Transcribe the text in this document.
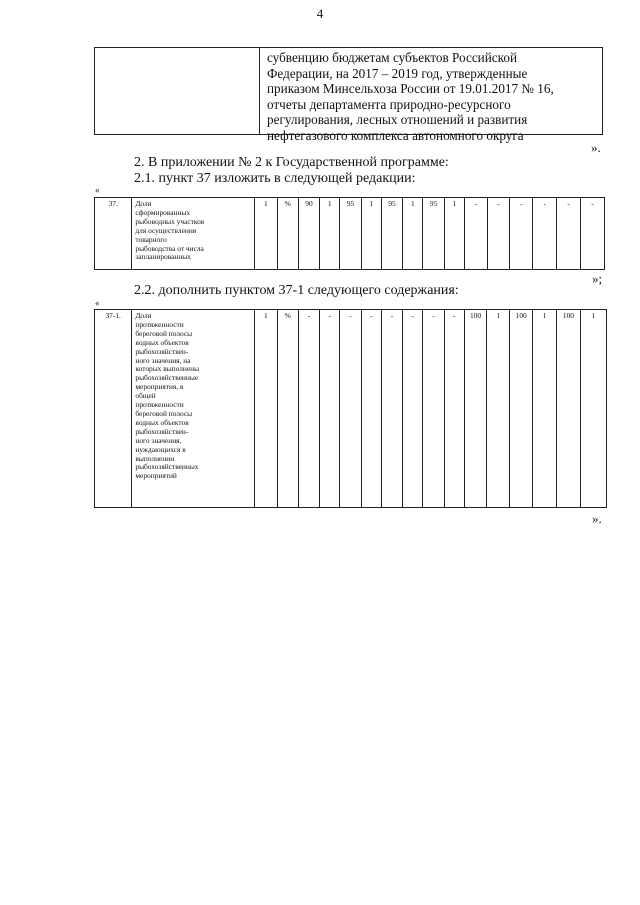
4
субвенцию бюджетам субъектов Российской
Федерации, на 2017 – 2019 год, утвержденные
приказом Минсельхоза России от 19.01.2017 № 16,
отчеты департамента природно-ресурсного
регулирования, лесных отношений и развития
нефтегазового комплекса автономного округа
».
2. В приложении № 2 к Государственной программе:
2.1. пункт 37 изложить в следующей редакции:
«
37.	Доля
сформированных
рыбоводных участков
для осуществления
товарного
рыбоводства от числа
запланированных
	1	%	90	1	95	1	95	1	95	1	-	-	-	-	-	-
»;
2.2. дополнить пунктом 37-1 следующего содержания:
«
37-1.	Доля
протяженности
береговой полосы
водных объектов
рыбохозяйствен-
ного значения, на
которых выполнены
рыбохозяйственные
мероприятия, в
общей
протяженности
береговой полосы
водных объектов
рыбохозяйствен-
ного значения,
нуждающихся в
выполнении
рыбохозяйственных
мероприятий
	1	%	-	-	-	-	-	-	-	-	100	1	100	1	100	1
».
